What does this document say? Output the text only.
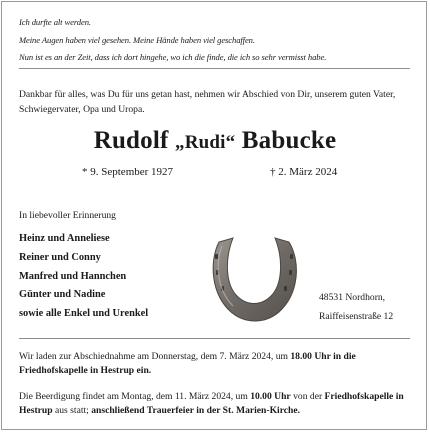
Ich durfte alt werden.
Meine Augen haben viel gesehen. Meine Hände haben viel geschaffen.
Nun ist es an der Zeit, dass ich dort hingehe, wo ich die finde, die ich so sehr vermisst habe.
Dankbar für alles, was Du für uns getan hast, nehmen wir Abschied von Dir, unserem guten Vater, Schwiegervater, Opa und Uropa.
Rudolf „Rudi“ Babucke
* 9. September 1927	† 2. März 2024
In liebevoller Erinnerung
Heinz und Anneliese
Reiner und Conny
Manfred und Hannchen
Günter und Nadine
sowie alle Enkel und Urenkel
48531 Nordhorn,
Raiffeisenstraße 12
Wir laden zur Abschiednahme am Donnerstag, dem 7. März 2024, um 18.00 Uhr in die Friedhofskapelle in Hestrup ein.
Die Beerdigung findet am Montag, dem 11. März 2024, um 10.00 Uhr von der Friedhofskapelle in Hestrup aus statt; anschließend Trauerfeier in der St. Marien-Kirche.
